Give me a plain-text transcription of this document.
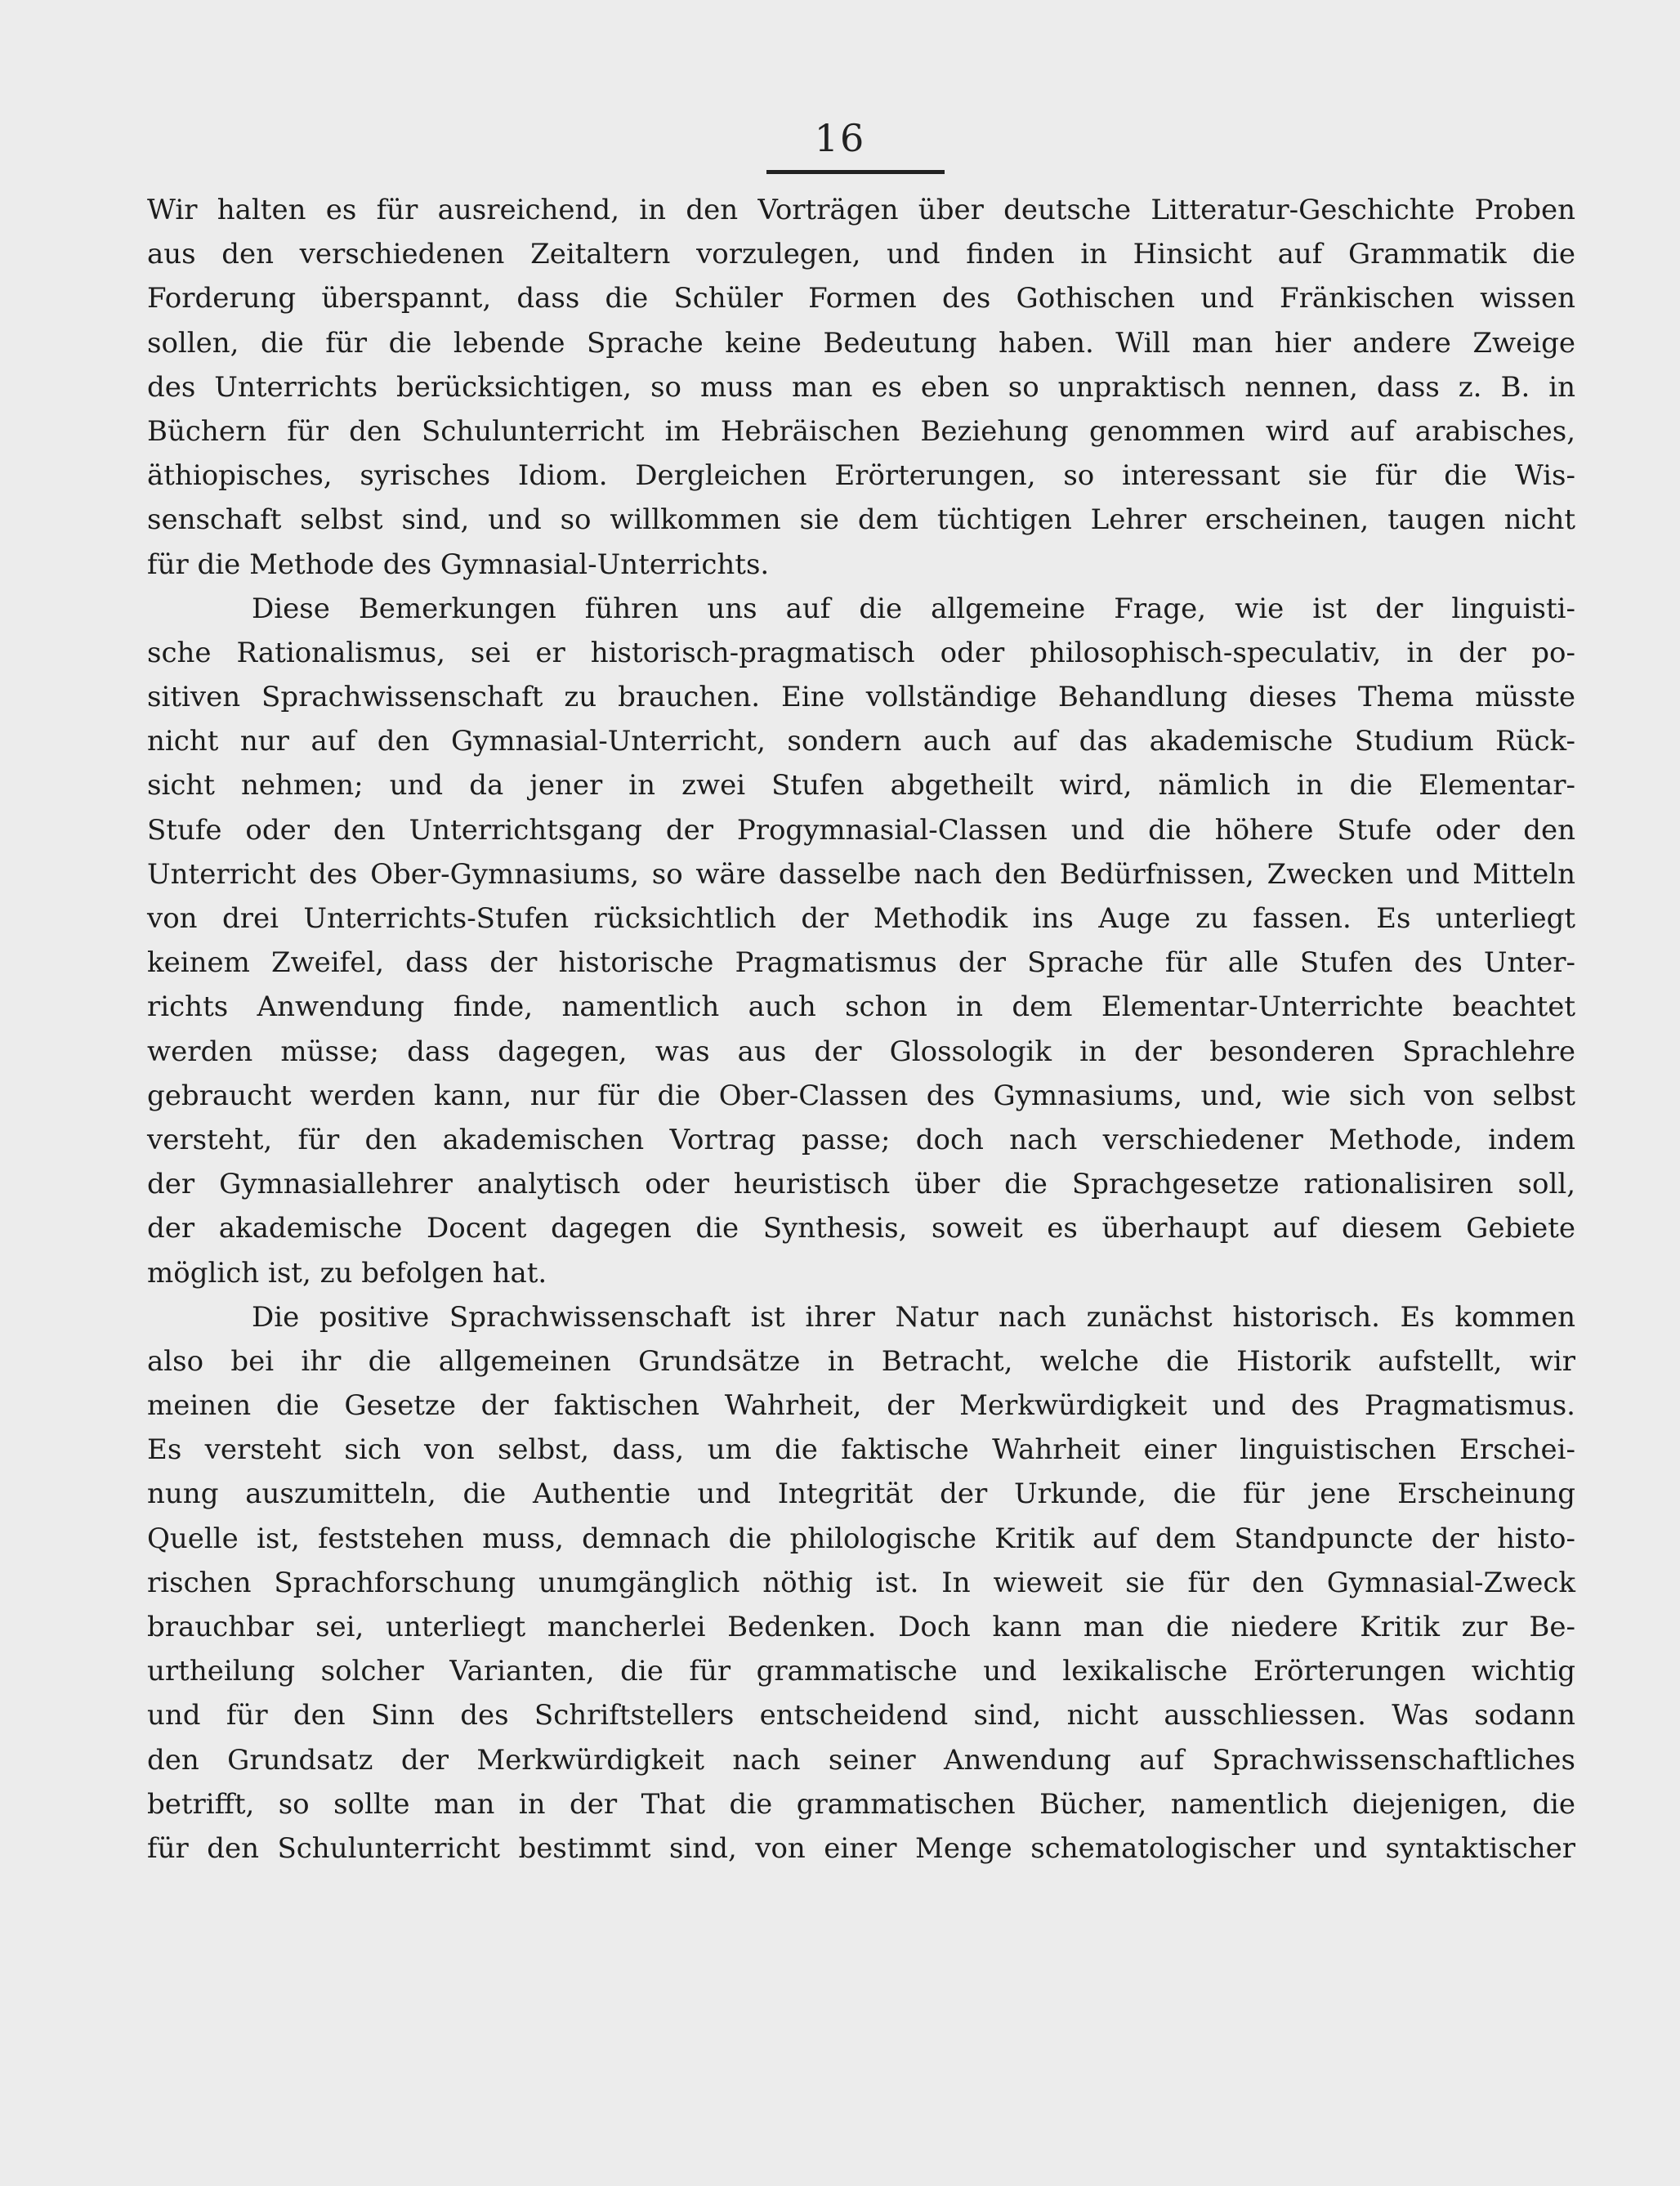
16
Wir halten es für ausreichend, in den Vorträgen über deutsche Litteratur-Geschichte Proben
aus den verschiedenen Zeitaltern vorzulegen, und finden in Hinsicht auf Grammatik die
Forderung überspannt, dass die Schüler Formen des Gothischen und Fränkischen wissen
sollen, die für die lebende Sprache keine Bedeutung haben. Will man hier andere Zweige
des Unterrichts berücksichtigen, so muss man es eben so unpraktisch nennen, dass z. B. in
Büchern für den Schulunterricht im Hebräischen Beziehung genommen wird auf arabisches,
äthiopisches, syrisches Idiom. Dergleichen Erörterungen, so interessant sie für die Wis-
senschaft selbst sind, und so willkommen sie dem tüchtigen Lehrer erscheinen, taugen nicht
für die Methode des Gymnasial-Unterrichts.
Diese Bemerkungen führen uns auf die allgemeine Frage, wie ist der linguisti-
sche Rationalismus, sei er historisch-pragmatisch oder philosophisch-speculativ, in der po-
sitiven Sprachwissenschaft zu brauchen. Eine vollständige Behandlung dieses Thema müsste
nicht nur auf den Gymnasial-Unterricht, sondern auch auf das akademische Studium Rück-
sicht nehmen; und da jener in zwei Stufen abgetheilt wird, nämlich in die Elementar-
Stufe oder den Unterrichtsgang der Progymnasial-Classen und die höhere Stufe oder den
Unterricht des Ober-Gymnasiums, so wäre dasselbe nach den Bedürfnissen, Zwecken und Mitteln
von drei Unterrichts-Stufen rücksichtlich der Methodik ins Auge zu fassen. Es unterliegt
keinem Zweifel, dass der historische Pragmatismus der Sprache für alle Stufen des Unter-
richts Anwendung finde, namentlich auch schon in dem Elementar-Unterrichte beachtet
werden müsse; dass dagegen, was aus der Glossologik in der besonderen Sprachlehre
gebraucht werden kann, nur für die Ober-Classen des Gymnasiums, und, wie sich von selbst
versteht, für den akademischen Vortrag passe; doch nach verschiedener Methode, indem
der Gymnasiallehrer analytisch oder heuristisch über die Sprachgesetze rationalisiren soll,
der akademische Docent dagegen die Synthesis, soweit es überhaupt auf diesem Gebiete
möglich ist, zu befolgen hat.
Die positive Sprachwissenschaft ist ihrer Natur nach zunächst historisch. Es kommen
also bei ihr die allgemeinen Grundsätze in Betracht, welche die Historik aufstellt, wir
meinen die Gesetze der faktischen Wahrheit, der Merkwürdigkeit und des Pragmatismus.
Es versteht sich von selbst, dass, um die faktische Wahrheit einer linguistischen Erschei-
nung auszumitteln, die Authentie und Integrität der Urkunde, die für jene Erscheinung
Quelle ist, feststehen muss, demnach die philologische Kritik auf dem Standpuncte der histo-
rischen Sprachforschung unumgänglich nöthig ist. In wieweit sie für den Gymnasial-Zweck
brauchbar sei, unterliegt mancherlei Bedenken. Doch kann man die niedere Kritik zur Be-
urtheilung solcher Varianten, die für grammatische und lexikalische Erörterungen wichtig
und für den Sinn des Schriftstellers entscheidend sind, nicht ausschliessen. Was sodann
den Grundsatz der Merkwürdigkeit nach seiner Anwendung auf Sprachwissenschaftliches
betrifft, so sollte man in der That die grammatischen Bücher, namentlich diejenigen, die
für den Schulunterricht bestimmt sind, von einer Menge schematologischer und syntaktischer
